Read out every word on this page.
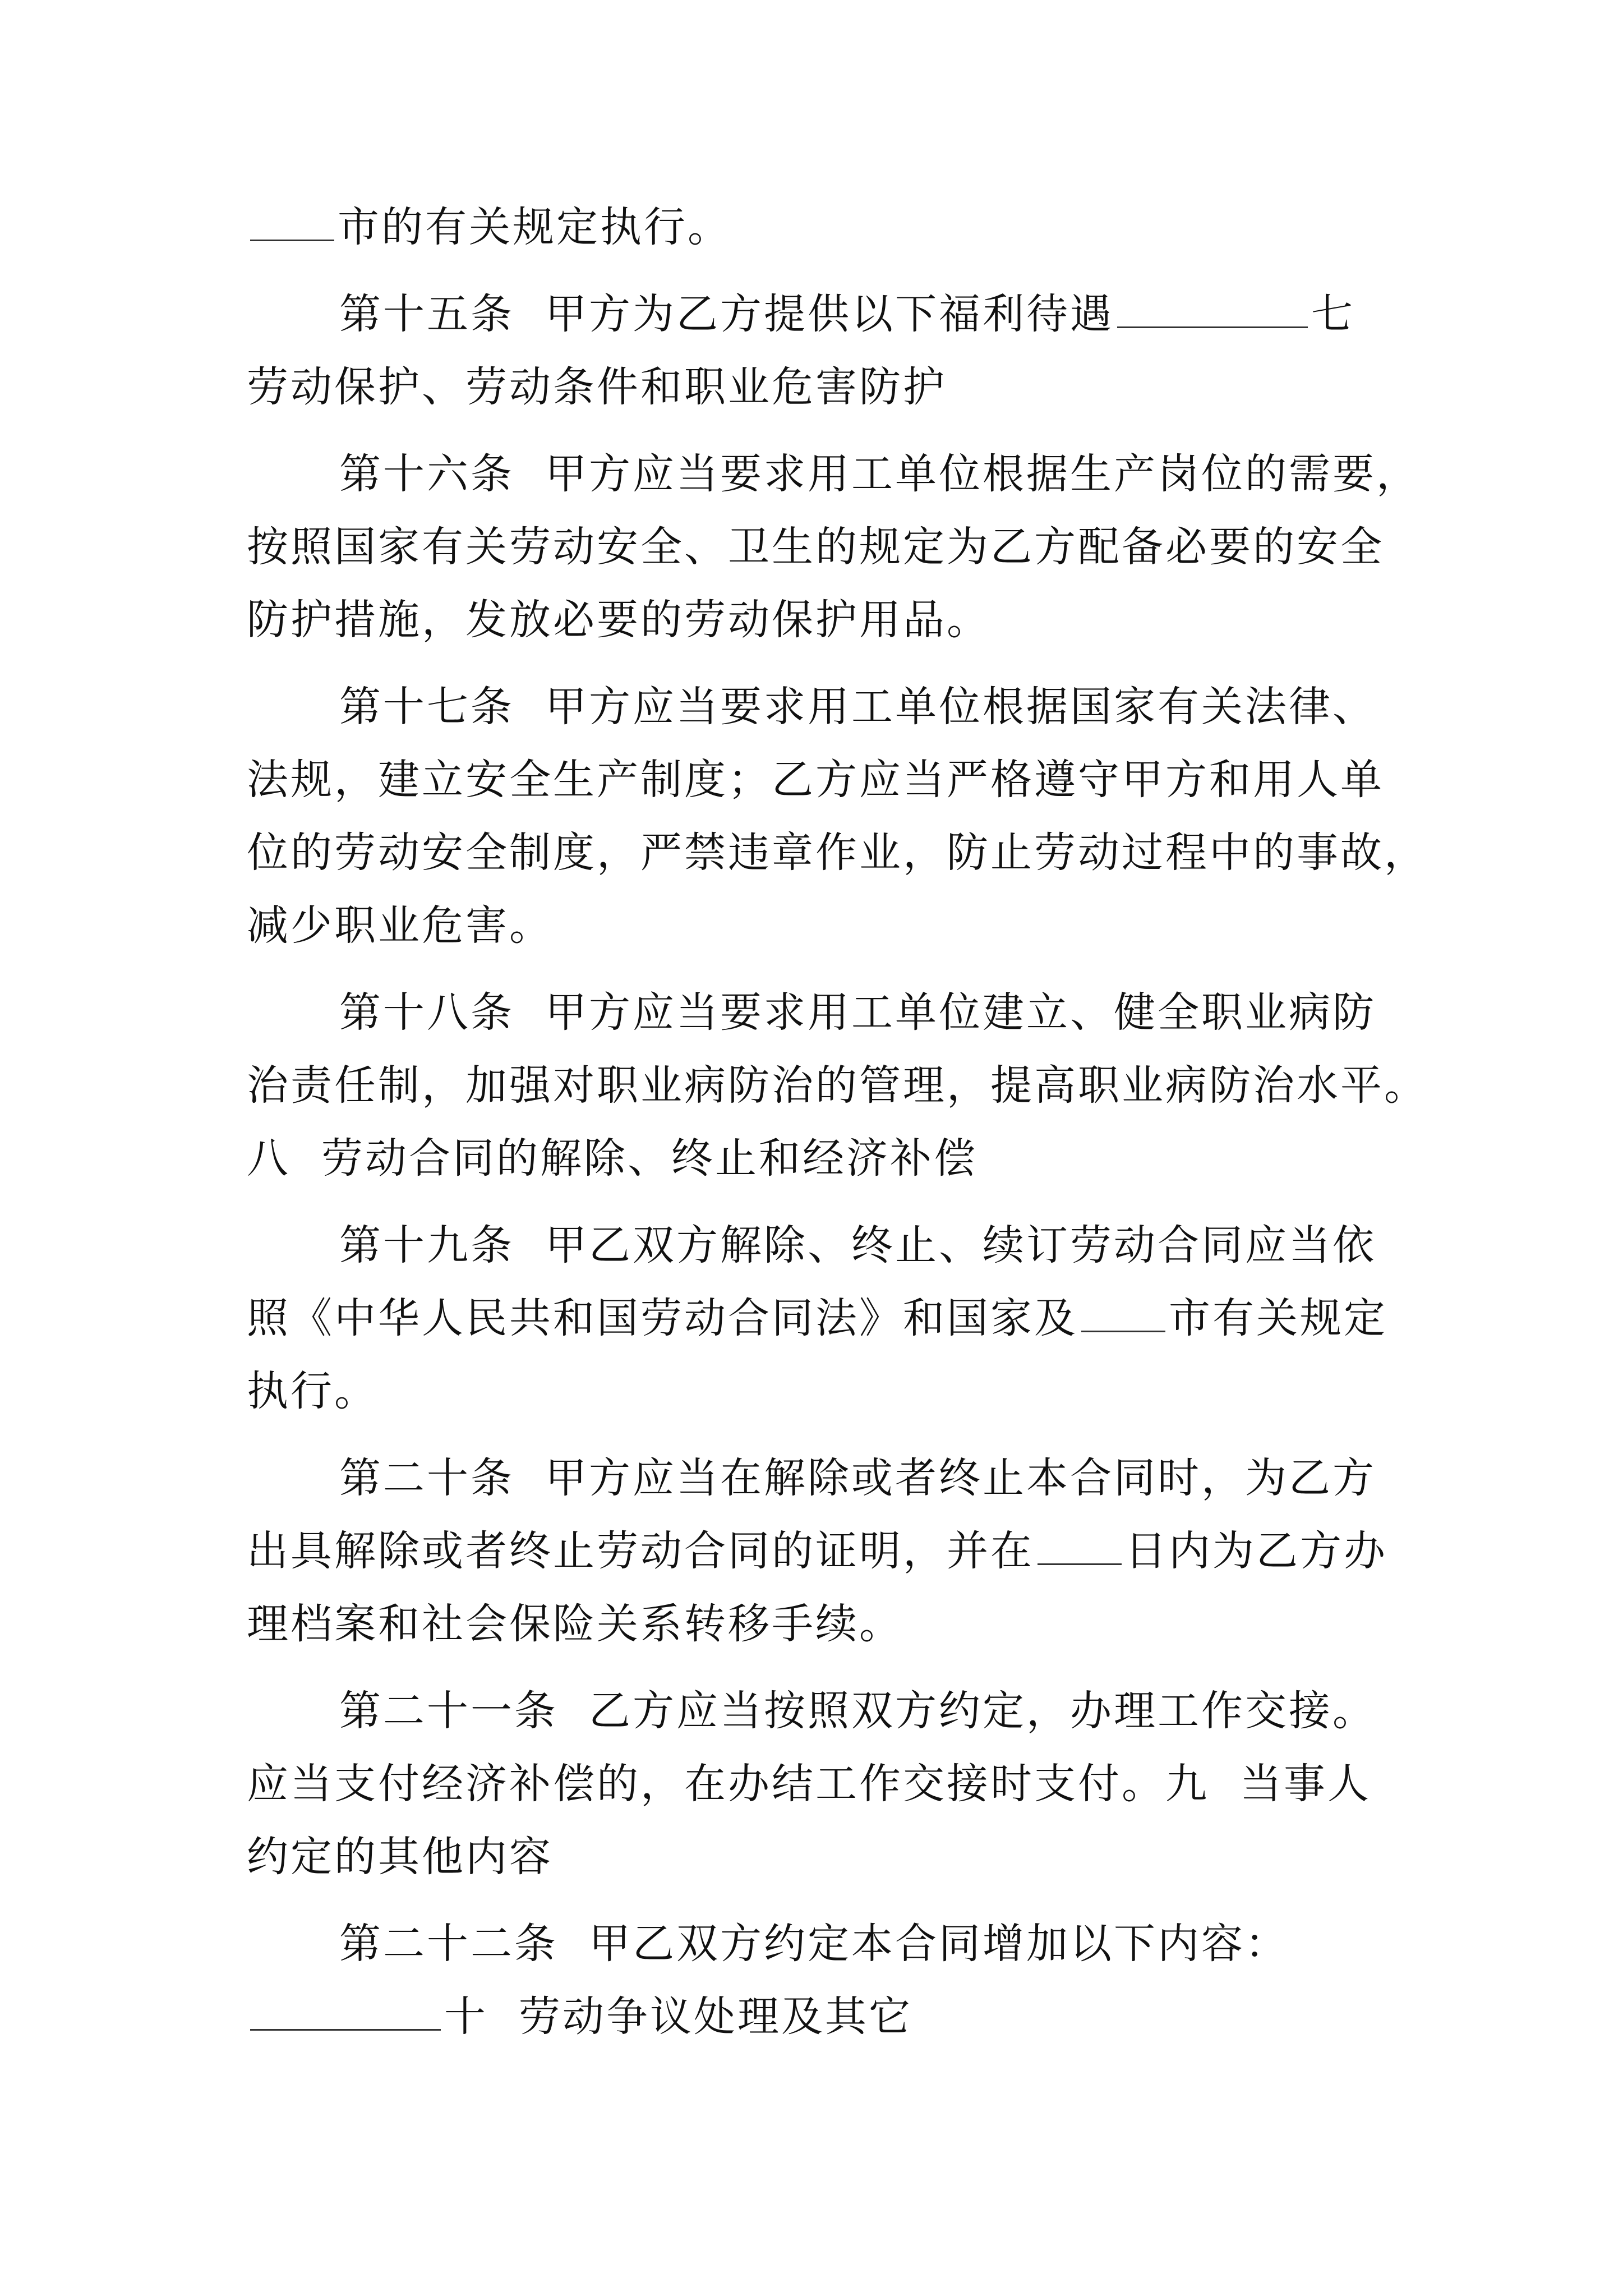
市的有关规定执行。
第十五条  甲方为乙方提供以下福利待遇	七
劳动保护、劳动条件和职业危害防护
第十六条  甲方应当要求用工单位根据生产岗位的需要，
按照国家有关劳动安全、卫生的规定为乙方配备必要的安全
防护措施，发放必要的劳动保护用品。
第十七条  甲方应当要求用工单位根据国家有关法律、
法规，建立安全生产制度；乙方应当严格遵守甲方和用人单
位的劳动安全制度，严禁违章作业，防止劳动过程中的事故，
减少职业危害。
第十八条  甲方应当要求用工单位建立、健全职业病防
治责任制，加强对职业病防治的管理，提高职业病防治水平。
八  劳动合同的解除、终止和经济补偿
第十九条  甲乙双方解除、终止、续订劳动合同应当依
照《中华人民共和国劳动合同法》和国家及 市有关规定
执行。
第二十条  甲方应当在解除或者终止本合同时，为乙方
出具解除或者终止劳动合同的证明，并在 日内为乙方办
理档案和社会保险关系转移手续。
第二十一条  乙方应当按照双方约定，办理工作交接。
应当支付经济补偿的，在办结工作交接时支付。九  当事人
约定的其他内容
第二十二条  甲乙双方约定本合同增加以下内容：
十  劳动争议处理及其它
